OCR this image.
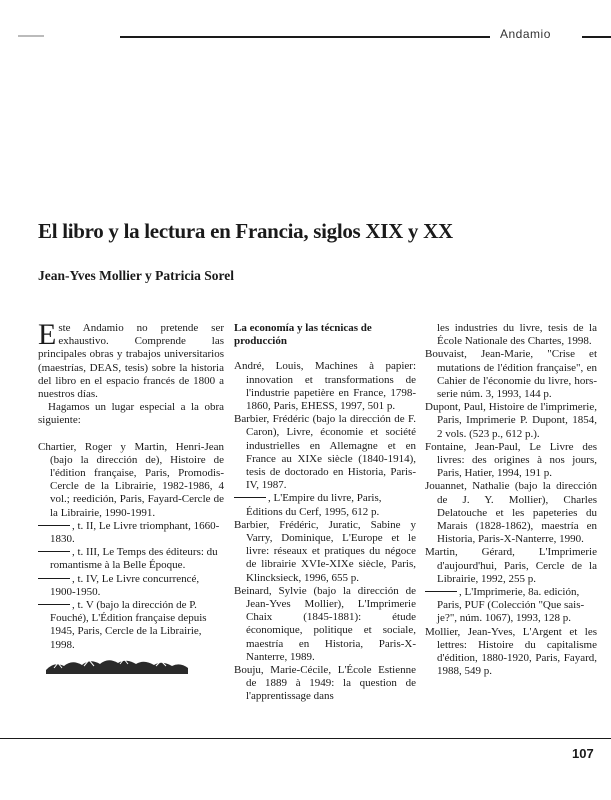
Andamio
El libro y la lectura en Francia, siglos XIX y XX
Jean-Yves Mollier y Patricia Sorel

Este Andamio no pretende ser exhaustivo. Comprende las principales obras y trabajos universitarios (maestrías, DEAS, tesis) sobre la historia del libro en el espacio francés de 1800 a nuestros días.

Hagamos un lugar especial a la obra siguiente:

Chartier, Roger y Martin, Henri-Jean (bajo la dirección de), Histoire de l'édition française, Paris, Promodis-Cercle de la Librairie, 1982-1986, 4 vol.; reedición, Paris, Fayard-Cercle de la Librairie, 1990-1991.

, t. II, Le Livre triomphant, 1660-1830.

, t. III, Le Temps des éditeurs: du romantisme à la Belle Époque.

, t. IV, Le Livre concurrencé, 1900-1950.

, t. V (bajo la dirección de P. Fouché), L'Édition française depuis 1945, Paris, Cercle de la Librairie, 1998.

La economía y las técnicas de producción

André, Louis, Machines à papier: innovation et transformations de l'industrie papetière en France, 1798-1860, Paris, EHESS, 1997, 501 p.

Barbier, Frédéric (bajo la dirección de F. Caron), Livre, économie et société industrielles en Allemagne et en France au XIXe siècle (1840-1914), tesis de doctorado en Historia, Paris-IV, 1987.

, L'Empire du livre, Paris, Éditions du Cerf, 1995, 612 p.

Barbier, Frédéric, Juratic, Sabine y Varry, Dominique, L'Europe et le livre: réseaux et pratiques du négoce de librairie XVIe-XIXe siècle, Paris, Klincksieck, 1996, 655 p.

Beinard, Sylvie (bajo la dirección de Jean-Yves Mollier), L'Imprimerie Chaix (1845-1881): étude économique, politique et sociale, maestría en Historia, Paris-X-Nanterre, 1989.

Bouju, Marie-Cécile, L'École Estienne de 1889 à 1949: la question de l'apprentissage dans

les industries du livre, tesis de la École Nationale des Chartes, 1998.

Bouvaist, Jean-Marie, "Crise et mutations de l'édition française", en Cahier de l'économie du livre, hors-serie núm. 3, 1993, 144 p.

Dupont, Paul, Histoire de l'imprimerie, Paris, Imprimerie P. Dupont, 1854, 2 vols. (523 p., 612 p.).

Fontaine, Jean-Paul, Le Livre des livres: des origines à nos jours, Paris, Hatier, 1994, 191 p.

Jouannet, Nathalie (bajo la dirección de J. Y. Mollier), Charles Delatouche et les papeteries du Marais (1828-1862), maestría en Historia, Paris-X-Nanterre, 1990.

Martin, Gérard, L'Imprimerie d'aujourd'hui, Paris, Cercle de la Librairie, 1992, 255 p.

, L'Imprimerie, 8a. edición, Paris, PUF (Colección "Que sais-je?", núm. 1067), 1993, 128 p.

Mollier, Jean-Yves, L'Argent et les lettres: Histoire du capitalisme d'édition, 1880-1920, Paris, Fayard, 1988, 549 p.

107
